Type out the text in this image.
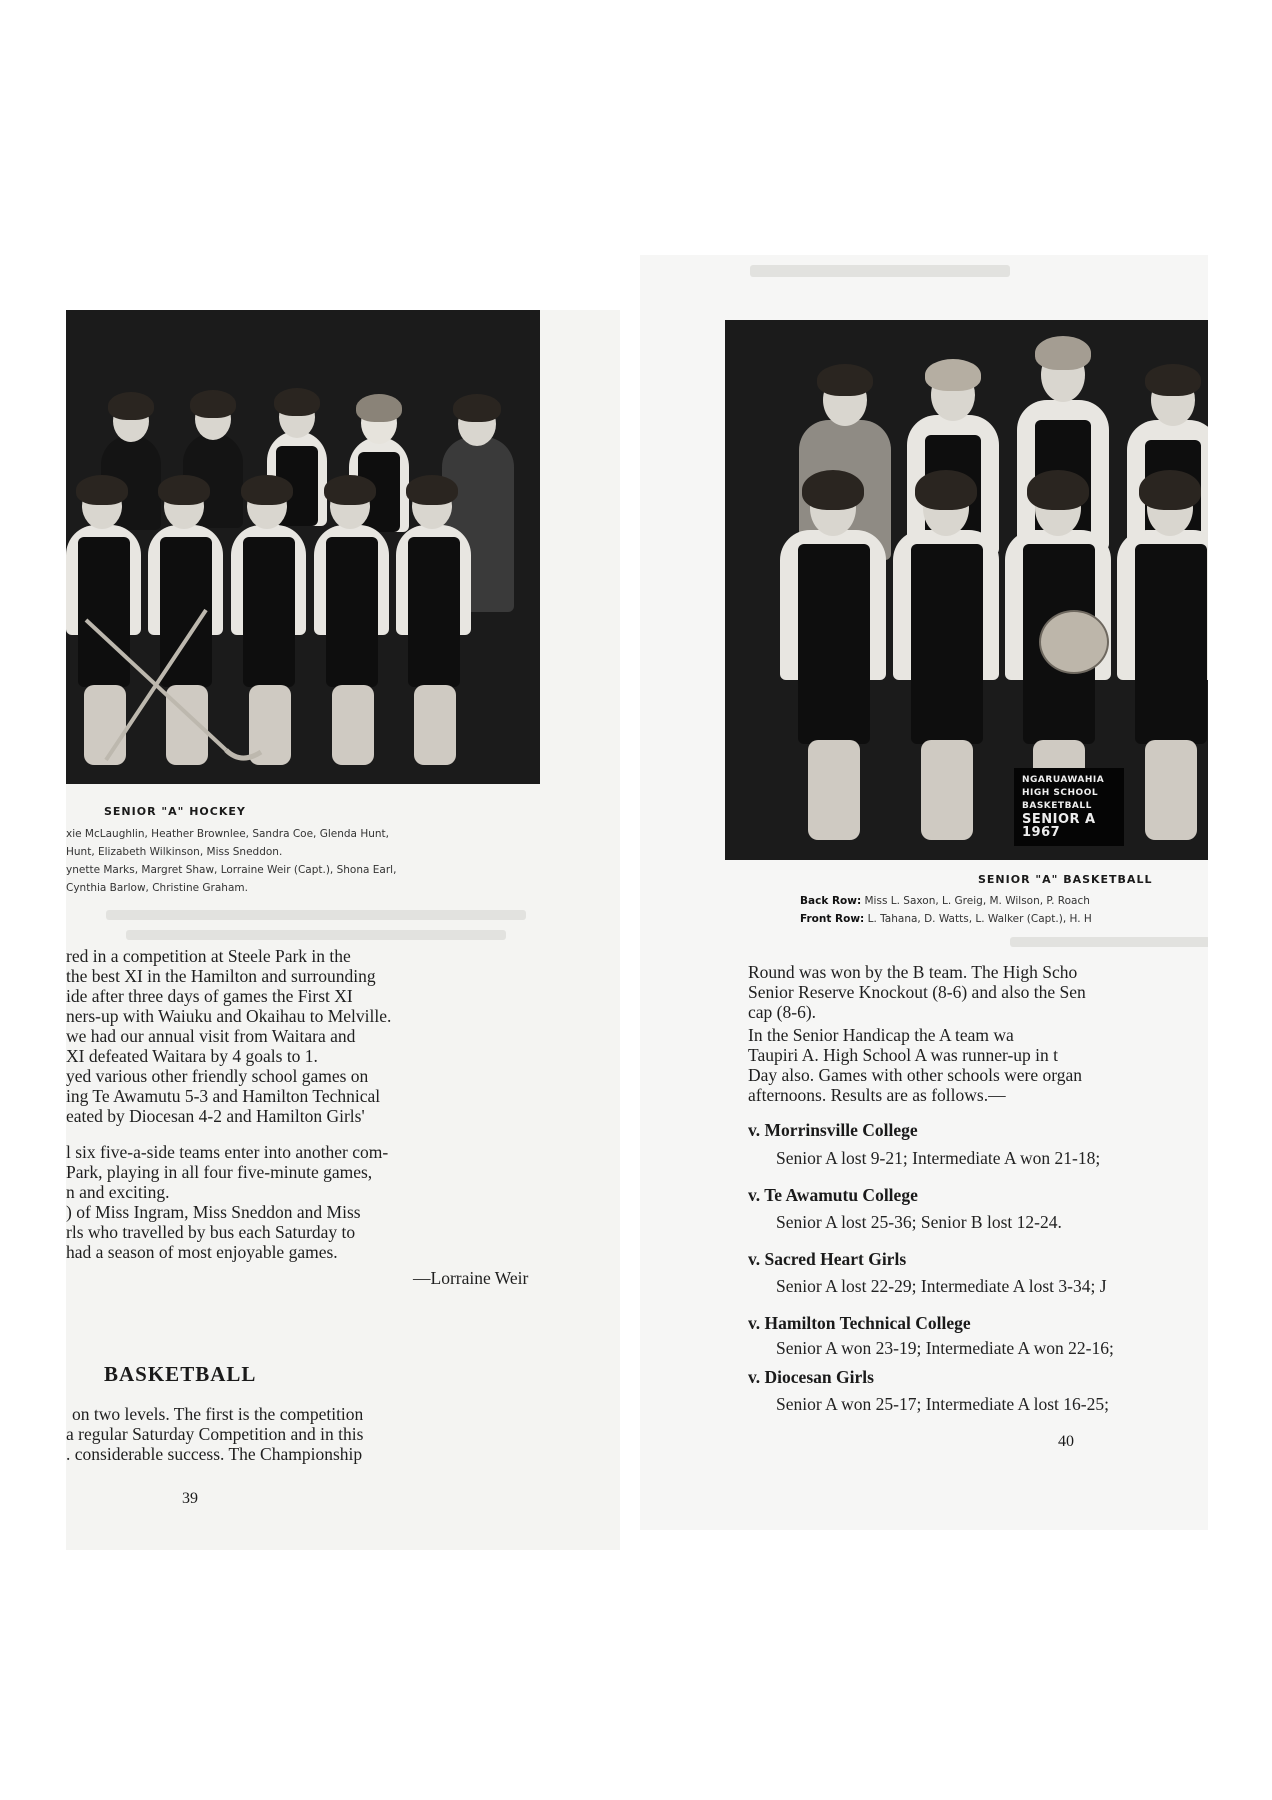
SENIOR "A" HOCKEY
xie McLaughlin, Heather Brownlee, Sandra Coe, Glenda Hunt,
Hunt, Elizabeth Wilkinson, Miss Sneddon.
ynette Marks, Margret Shaw, Lorraine Weir (Capt.), Shona Earl,
Cynthia Barlow, Christine Graham.
red in a competition at Steele Park in the
the best XI in the Hamilton and surrounding
ide after three days of games the First XI
ners-up with Waiuku and Okaihau to Melville.
we had our annual visit from Waitara and
XI defeated Waitara by 4 goals to 1.
yed various other friendly school games on
ing Te Awamutu 5-3 and Hamilton Technical
eated by Diocesan 4-2 and Hamilton Girls'
l six five-a-side teams enter into another com-
Park, playing in all four five-minute games,
n and exciting.
) of Miss Ingram, Miss Sneddon and Miss
rls who travelled by bus each Saturday to
had a season of most enjoyable games.
—Lorraine Weir
BASKETBALL
on two levels. The first is the competition
a regular Saturday Competition and in this
. considerable success. The Championship
39
NGARUAWAHIA
HIGH SCHOOL
BASKETBALL
SENIOR A 1967
SENIOR "A" BASKETBALL
Back Row: Miss L. Saxon, L. Greig, M. Wilson, P. Roach
Front Row: L. Tahana, D. Watts, L. Walker (Capt.), H. H
Round was won by the B team. The High Scho
Senior Reserve Knockout (8-6) and also the Sen
cap (8-6).
In the Senior Handicap the A team wa
Taupiri A. High School A was runner-up in t
Day also. Games with other schools were organ
afternoons. Results are as follows.—
v. Morrinsville College
Senior A lost 9-21; Intermediate A won 21-18;
v. Te Awamutu College
Senior A lost 25-36; Senior B lost 12-24.
v. Sacred Heart Girls
Senior A lost 22-29; Intermediate A lost 3-34; J
v. Hamilton Technical College
Senior A won 23-19; Intermediate A won 22-16;
v. Diocesan Girls
Senior A won 25-17; Intermediate A lost 16-25;
40
